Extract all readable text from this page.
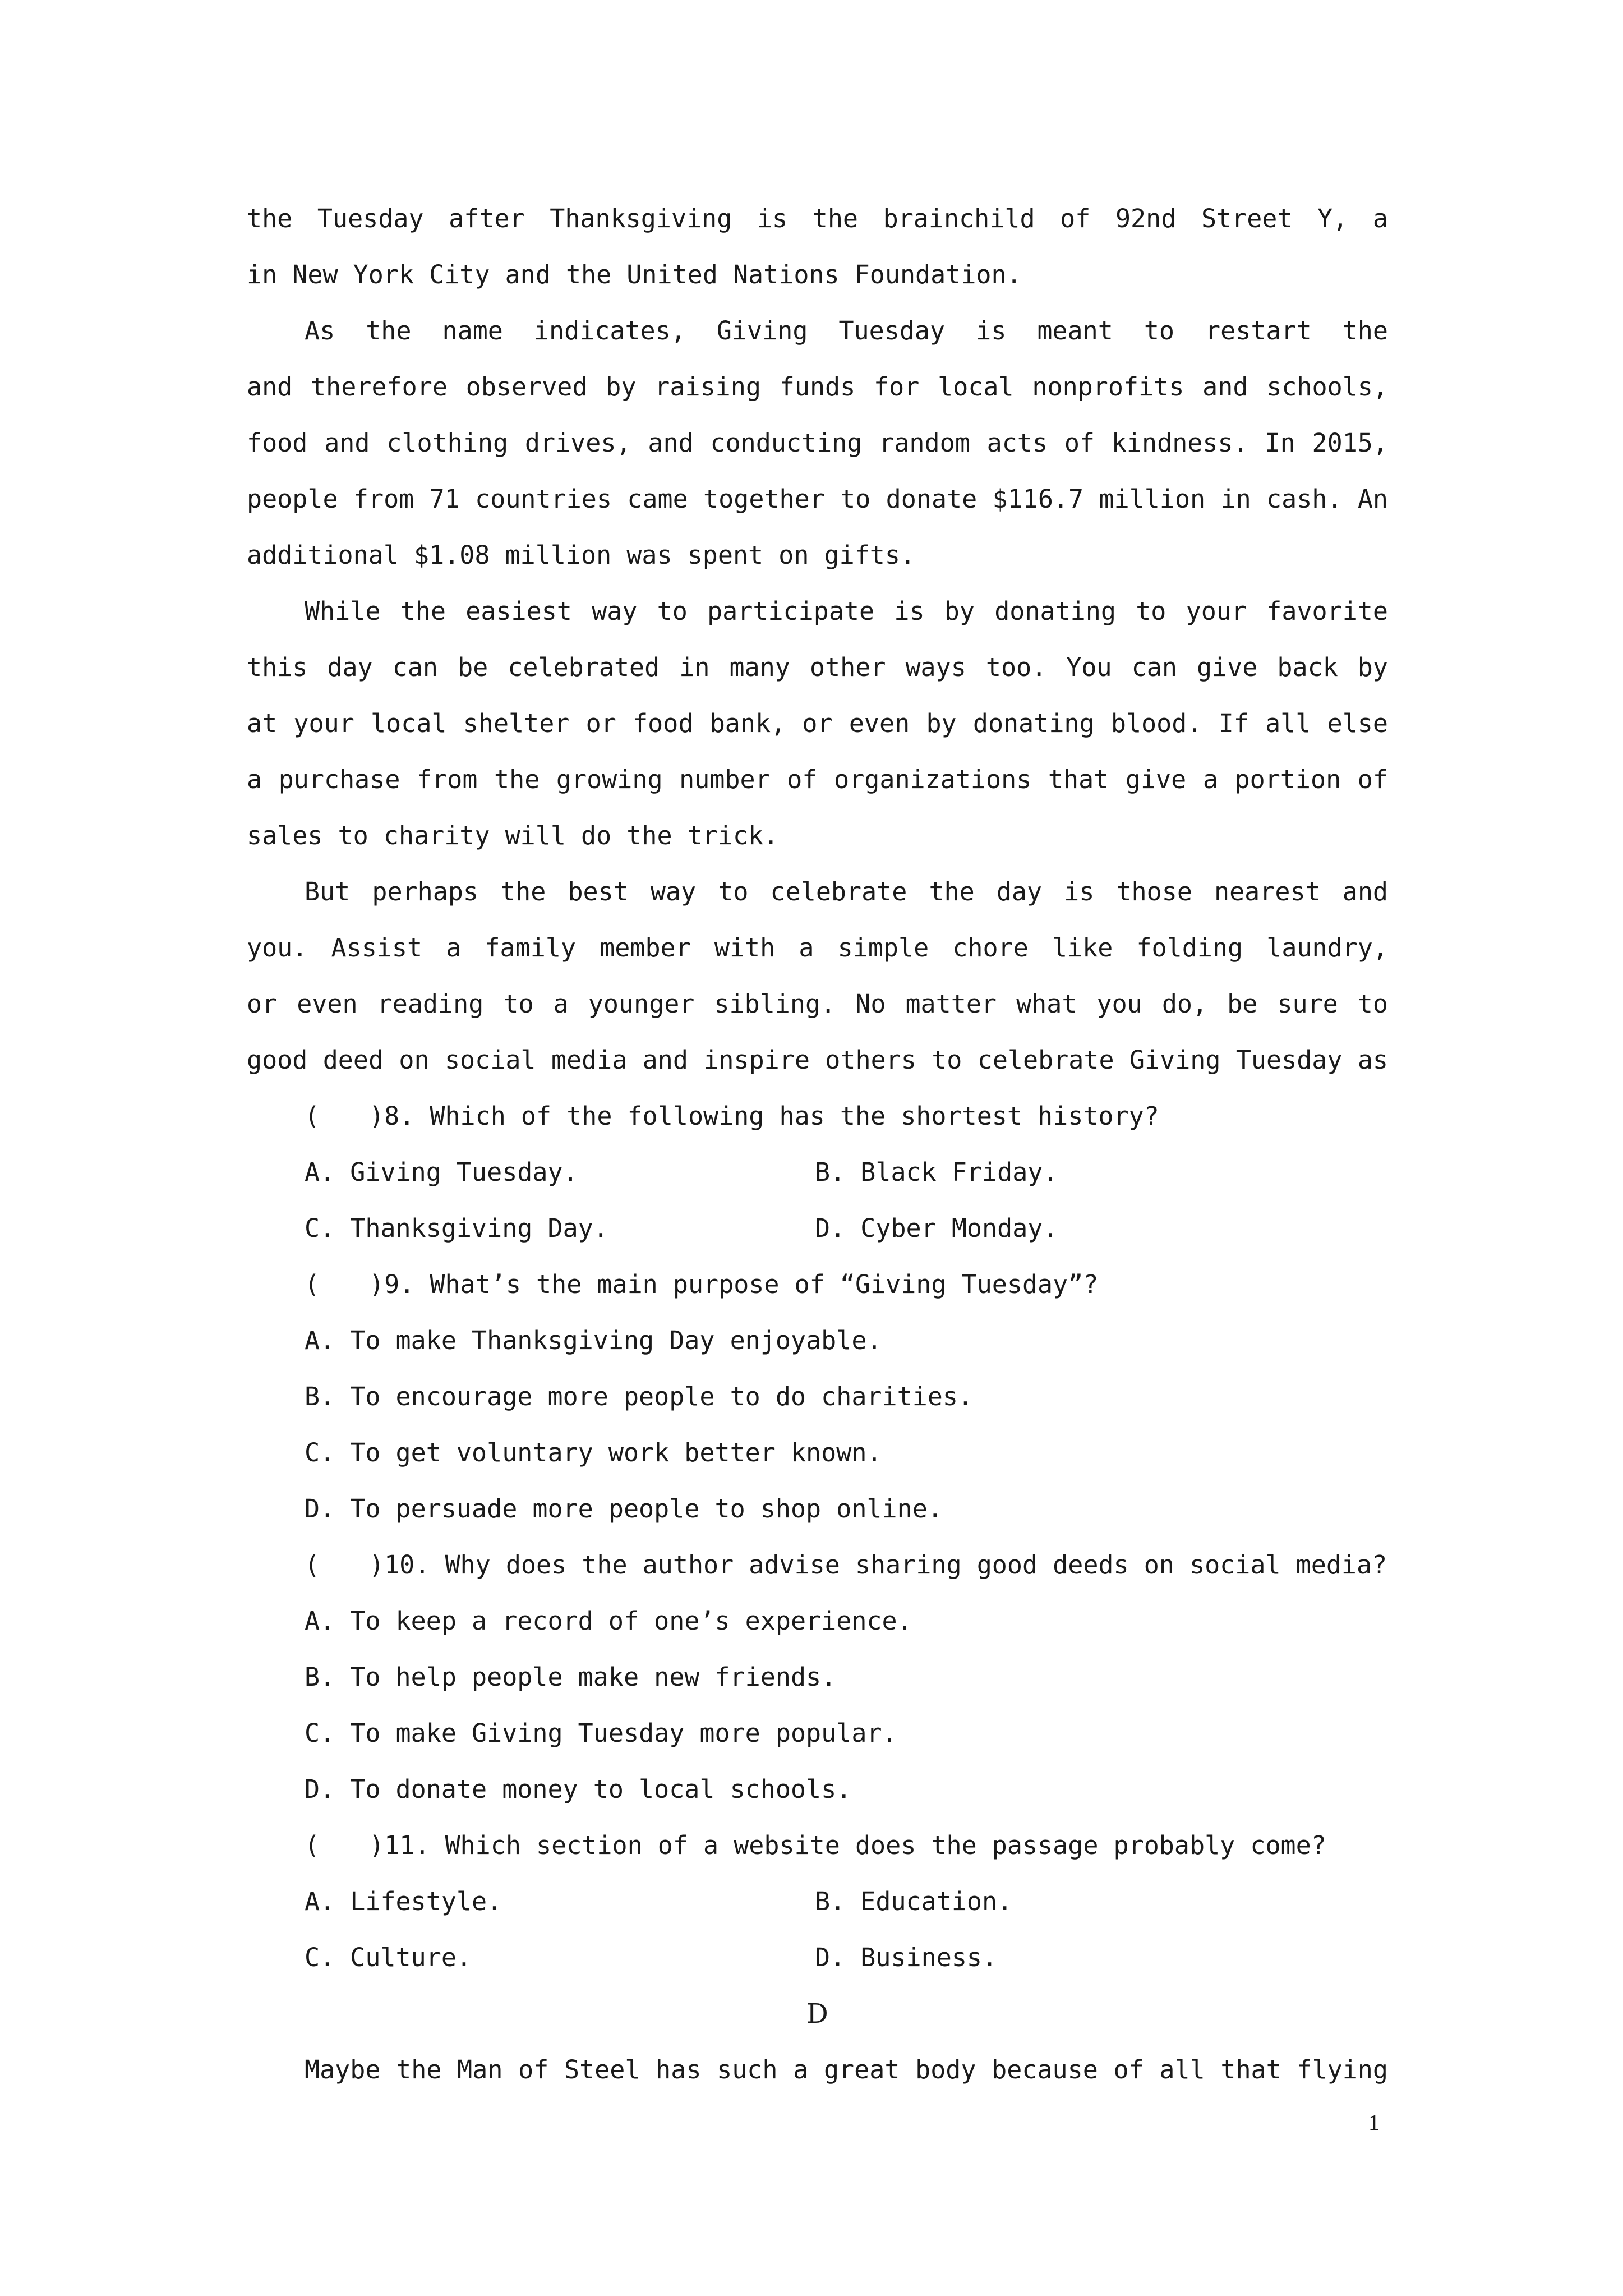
the Tuesday after Thanksgiving is the brainchild of 92nd Street Y, a
in New York City and the United Nations Foundation.
As the name indicates, Giving Tuesday is meant to restart the
and therefore observed by raising funds for local nonprofits and schools,
food and clothing drives, and conducting random acts of kindness. In 2015,
people from 71 countries came together to donate $116.7 million in cash. An
additional $1.08 million was spent on gifts.
While the easiest way to participate is by donating to your favorite
this day can be celebrated in many other ways too. You can give back by
at your local shelter or food bank, or even by donating blood. If all else
a purchase from the growing number of organizations that give a portion of
sales to charity will do the trick.
But perhaps the best way to celebrate the day is those nearest and
you. Assist a family member with a simple chore like folding laundry,
or even reading to a younger sibling. No matter what you do, be sure to
good deed on social media and inspire others to celebrate Giving Tuesday as
( )8. Which of the following has the shortest history?
A. Giving Tuesday.	B. Black Friday.
C. Thanksgiving Day.	D. Cyber Monday.
( )9. What’s the main purpose of “Giving Tuesday”?
A. To make Thanksgiving Day enjoyable.
B. To encourage more people to do charities.
C. To get voluntary work better known.
D. To persuade more people to shop online.
( )10. Why does the author advise sharing good deeds on social media?
A. To keep a record of one’s experience.
B. To help people make new friends.
C. To make Giving Tuesday more popular.
D. To donate money to local schools.
( )11. Which section of a website does the passage probably come?
A. Lifestyle.	B. Education.
C. Culture.	D. Business.
D
Maybe the Man of Steel has such a great body because of all that flying
1
